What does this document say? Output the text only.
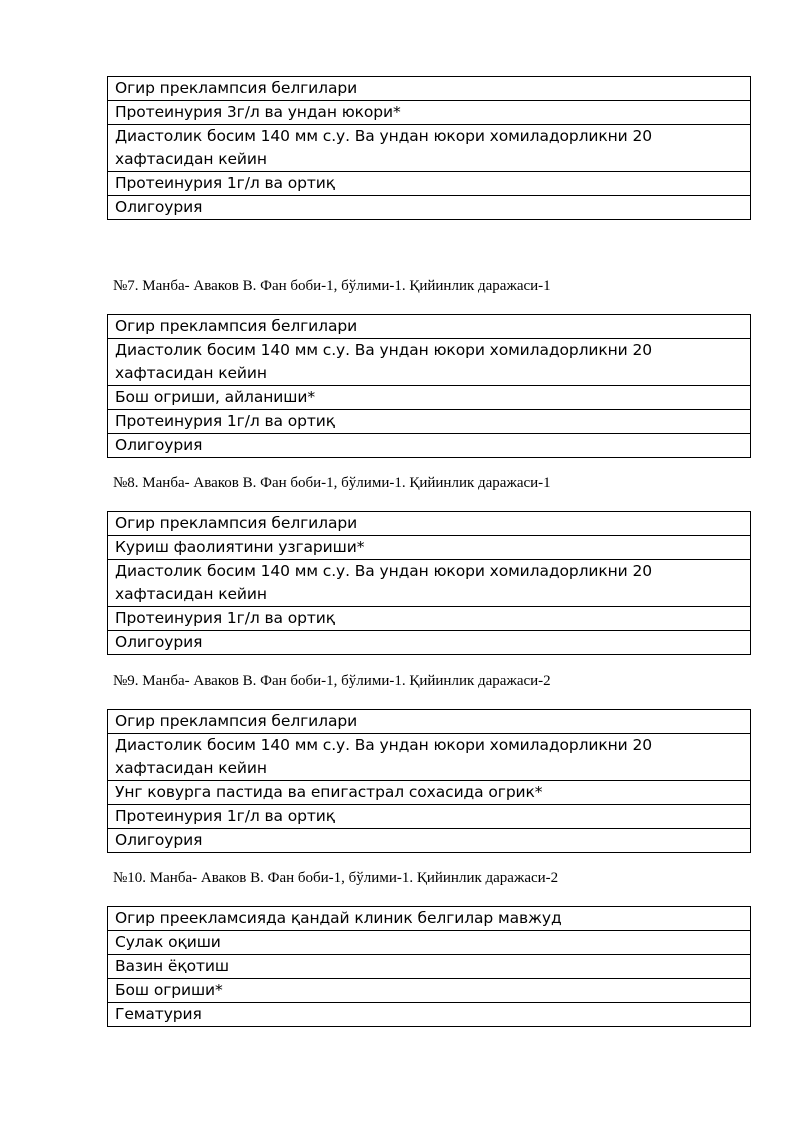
Огир преклампсия белгилари
Протеинурия 3г/л ва ундан юкори*
Диастолик босим 140 мм с.у. Ва ундан юкори хомиладорликни 20 хафтасидан кейин
Протеинурия 1г/л ва ортиқ
Олигоурия
№7. Манба- Аваков В. Фан боби-1, бўлими-1. Қийинлик даражаси-1
Огир преклампсия белгилари
Диастолик босим 140 мм с.у. Ва ундан юкори хомиладорликни 20 хафтасидан кейин
Бош огриши, айланиши*
Протеинурия 1г/л ва ортиқ
Олигоурия
№8. Манба- Аваков В. Фан боби-1, бўлими-1. Қийинлик даражаси-1
Огир преклампсия белгилари
Куриш фаолиятини узгариши*
Диастолик босим 140 мм с.у. Ва ундан юкори хомиладорликни 20 хафтасидан кейин
Протеинурия 1г/л ва ортиқ
Олигоурия
№9. Манба- Аваков В. Фан боби-1, бўлими-1. Қийинлик даражаси-2
Огир преклампсия белгилари
Диастолик босим 140 мм с.у. Ва ундан юкори хомиладорликни 20 хафтасидан кейин
Унг ковурга пастида ва епигастрал сохасида огрик*
Протеинурия 1г/л ва ортиқ
Олигоурия
№10. Манба- Аваков В. Фан боби-1, бўлими-1. Қийинлик даражаси-2
Огир преекламсияда қандай клиник белгилар мавжуд
Сулак оқиши
Вазин ёқотиш
Бош огриши*
Гематурия
